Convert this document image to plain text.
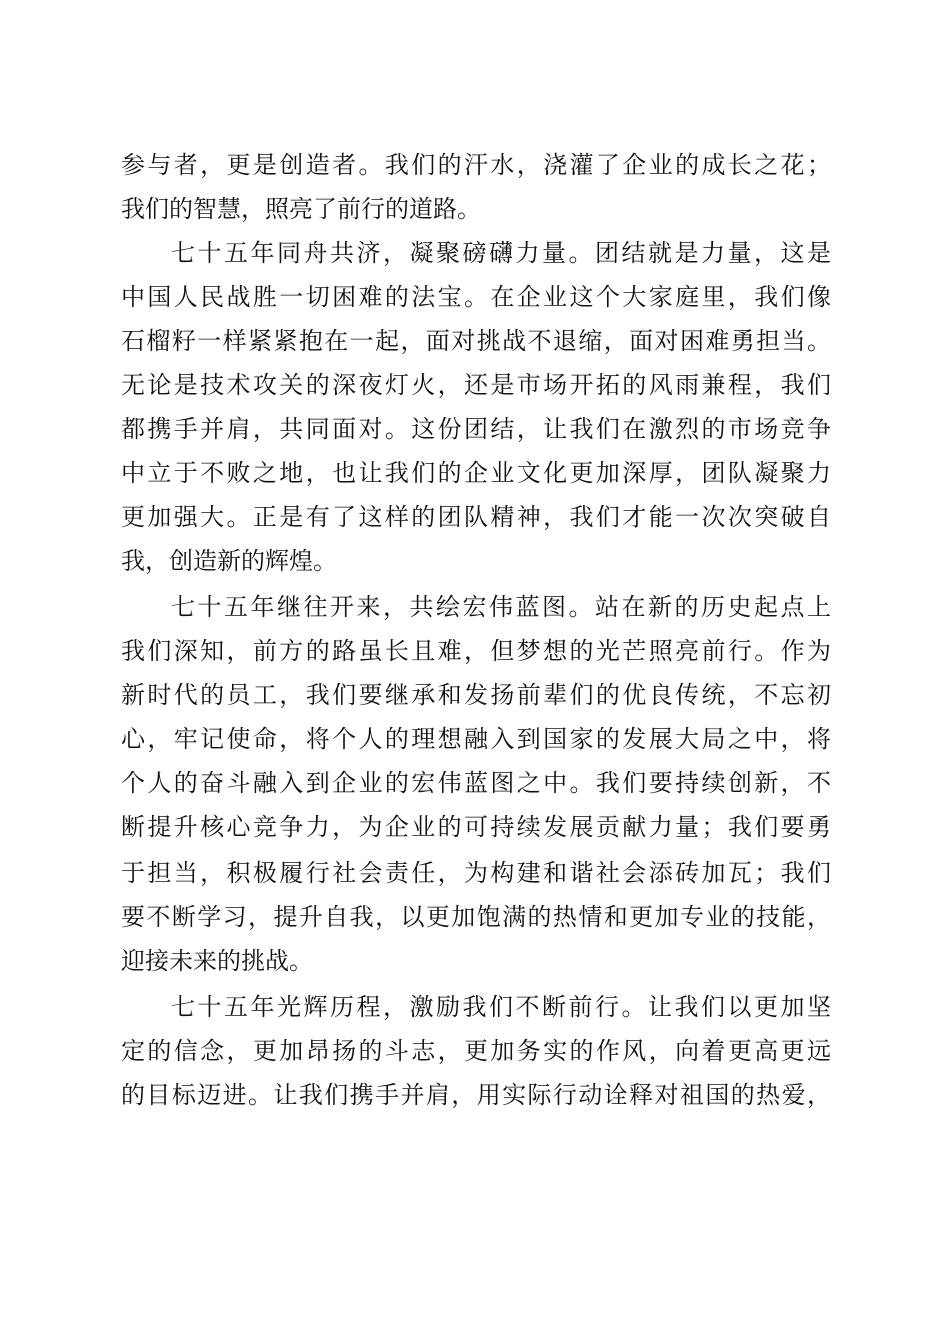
参与者，更是创造者。我们的汗水，浇灌了企业的成长之花；
我们的智慧，照亮了前行的道路。
七十五年同舟共济，凝聚磅礴力量。团结就是力量，这是
中国人民战胜一切困难的法宝。在企业这个大家庭里，我们像
石榴籽一样紧紧抱在一起，面对挑战不退缩，面对困难勇担当。
无论是技术攻关的深夜灯火，还是市场开拓的风雨兼程，我们
都携手并肩，共同面对。这份团结，让我们在激烈的市场竞争
中立于不败之地，也让我们的企业文化更加深厚，团队凝聚力
更加强大。正是有了这样的团队精神，我们才能一次次突破自
我，创造新的辉煌。
七十五年继往开来，共绘宏伟蓝图。站在新的历史起点上
我们深知，前方的路虽长且难，但梦想的光芒照亮前行。作为
新时代的员工，我们要继承和发扬前辈们的优良传统，不忘初
心，牢记使命，将个人的理想融入到国家的发展大局之中，将
个人的奋斗融入到企业的宏伟蓝图之中。我们要持续创新，不
断提升核心竞争力，为企业的可持续发展贡献力量；我们要勇
于担当，积极履行社会责任，为构建和谐社会添砖加瓦；我们
要不断学习，提升自我，以更加饱满的热情和更加专业的技能，
迎接未来的挑战。
七十五年光辉历程，激励我们不断前行。让我们以更加坚
定的信念，更加昂扬的斗志，更加务实的作风，向着更高更远
的目标迈进。让我们携手并肩，用实际行动诠释对祖国的热爱，
